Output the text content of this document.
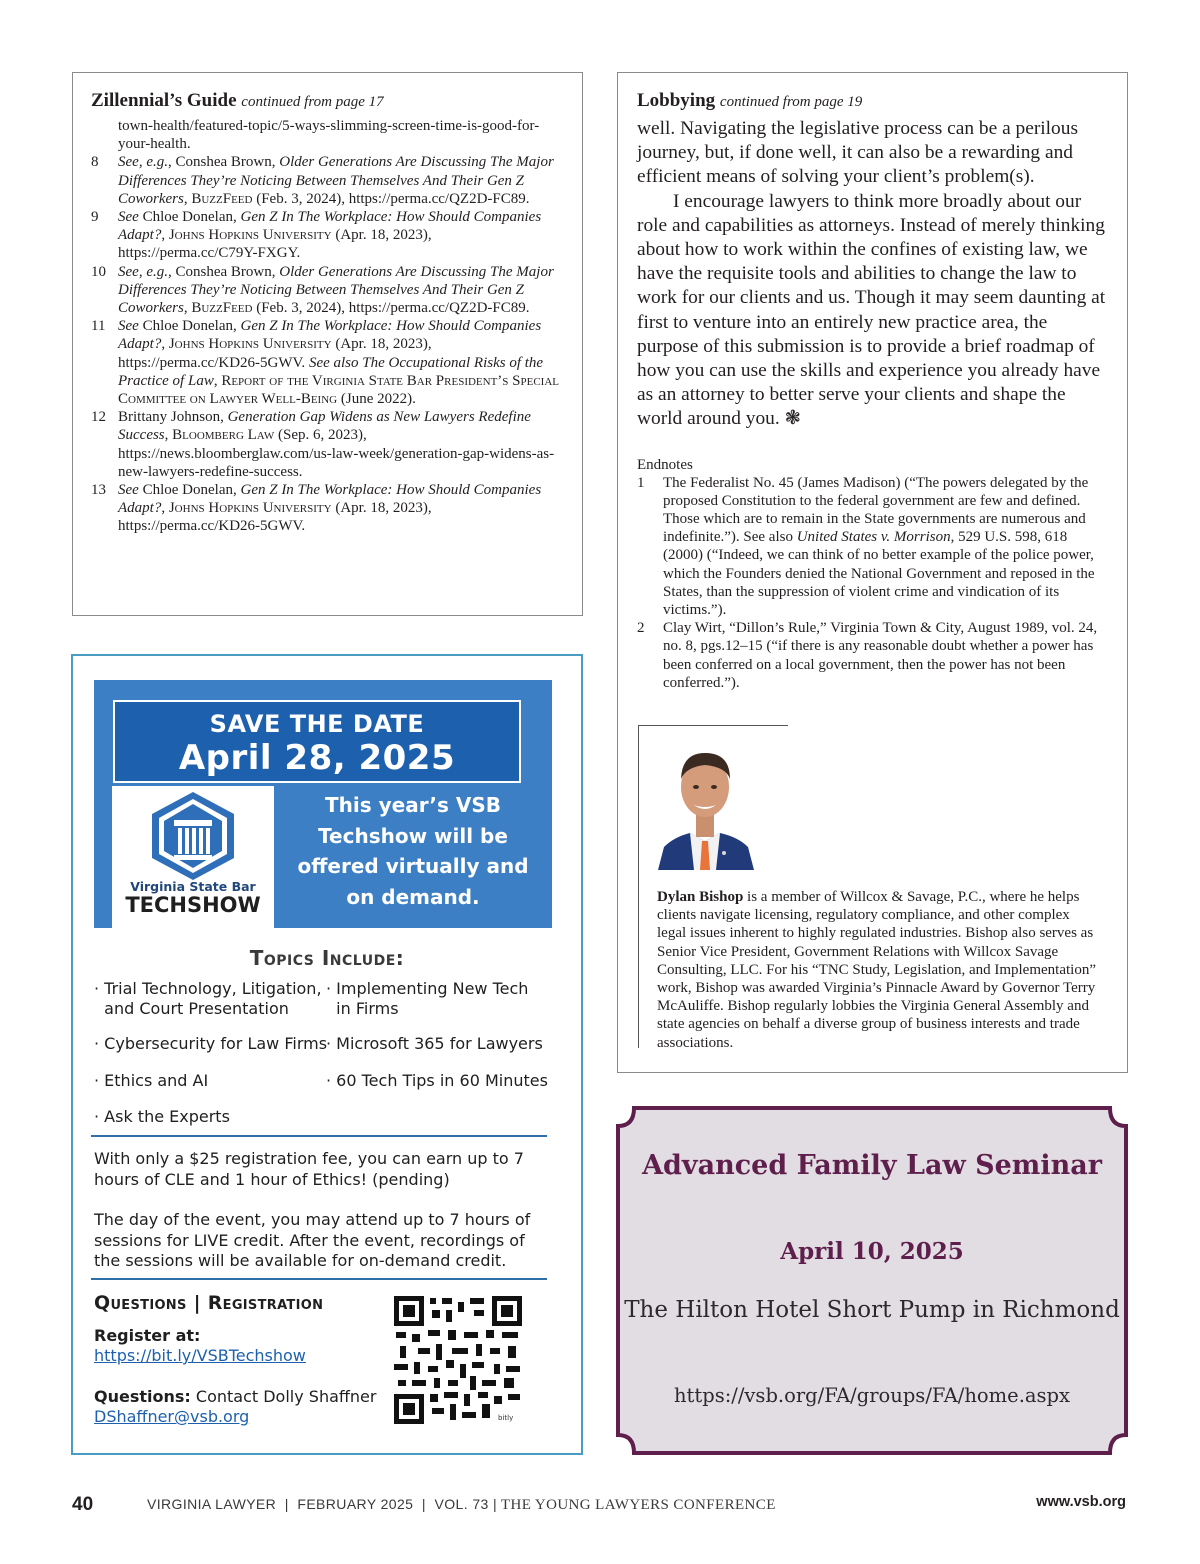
Zillennial’s Guide continued from page 17
town-health/featured-topic/5-ways-slimming-screen-time-is-good-for-your-health.
8	See, e.g., Conshea Brown, Older Generations Are Discussing The Major Differences They’re Noticing Between Themselves And Their Gen Z Coworkers, BuzzFeed (Feb. 3, 2024), https://perma.cc/QZ2D-FC89.
9	See Chloe Donelan, Gen Z In The Workplace: How Should Companies Adapt?, Johns Hopkins University (Apr. 18, 2023), https://perma.cc/C79Y-FXGY.
10 See, e.g., Conshea Brown, Older Generations Are Discussing The Major Differences They’re Noticing Between Themselves And Their Gen Z Coworkers, BuzzFeed (Feb. 3, 2024), https://perma.cc/QZ2D-FC89.
11 See Chloe Donelan, Gen Z In The Workplace: How Should Companies Adapt?, Johns Hopkins University (Apr. 18, 2023), https://perma.cc/KD26-5GWV. See also The Occupational Risks of the Practice of Law, Report of the Virginia State Bar President’s Special Committee on Lawyer Well-Being (June 2022).
12 Brittany Johnson, Generation Gap Widens as New Lawyers Redefine Success, Bloomberg Law (Sep. 6, 2023), https://news.bloomberglaw.com/us-law-week/generation-gap-widens-as-new-lawyers-redefine-success.
13 See Chloe Donelan, Gen Z In The Workplace: How Should Companies Adapt?, Johns Hopkins University (Apr. 18, 2023), https://perma.cc/KD26-5GWV.
Lobbying continued from page 19

well. Navigating the legislative process can be a perilous journey, but, if done well, it can also be a rewarding and efficient means of solving your client’s problem(s).

I encourage lawyers to think more broadly about our role and capabilities as attorneys. Instead of merely thinking about how to work within the confines of existing law, we have the requisite tools and abilities to change the law to work for our clients and us. Though it may seem daunting at first to venture into an entirely new practice area, the purpose of this submission is to provide a brief roadmap of how you can use the skills and experience you already have as an attorney to better serve your clients and shape the world around you. ❃

Endnotes
1	The Federalist No. 45 (James Madison) (“The powers delegated by the proposed Constitution to the federal government are few and defined. Those which are to remain in the State governments are numerous and indefinite.”). See also United States v. Morrison, 529 U.S. 598, 618 (2000) (“Indeed, we can think of no better example of the police power, which the Founders denied the National Government and reposed in the States, than the suppression of violent crime and vindication of its victims.”).
2	Clay Wirt, “Dillon’s Rule,” Virginia Town & City, August 1989, vol. 24, no. 8, pgs.12–15 (“if there is any reasonable doubt whether a power has been conferred on a local government, then the power has not been conferred.”).
Dylan Bishop is a member of Willcox & Savage, P.C., where he helps clients navigate licensing, regulatory compliance, and other complex legal issues inherent to highly regulated industries. Bishop also serves as Senior Vice President, Government Relations with Willcox Savage Consulting, LLC. For his “TNC Study, Legislation, and Implementation” work, Bishop was awarded Virginia’s Pinnacle Award by Governor Terry McAuliffe. Bishop regularly lobbies the Virginia General Assembly and state agencies on behalf a diverse group of business interests and trade associations.
SAVE THE DATE
April 28, 2025
Virginia State Bar
TECHSHOW
This year’s VSB Techshow will be offered virtually and on demand.
Topics Include:
· Trial Technology, Litigation,
and Court Presentation
· Implementing New Tech
in Firms
· Cybersecurity for Law Firms
· Microsoft 365 for Lawyers
· Ethics and AI	· 60 Tech Tips in 60 Minutes
· Ask the Experts
With only a $25 registration fee, you can earn up to 7 hours of CLE and 1 hour of Ethics! (pending)
The day of the event, you may attend up to 7 hours of sessions for LIVE credit. After the event, recordings of the sessions will be available for on-demand credit.
Questions | Registration
Register at:
https://bit.ly/VSBTechshow
Questions: Contact Dolly Shaffner
DShaffner@vsb.org	bitly
Advanced Family Law Seminar
April 10, 2025
The Hilton Hotel Short Pump in Richmond
https://vsb.org/FA/groups/FA/home.aspx
40	VIRGINIA LAWYER  |  FEBRUARY 2025  |  VOL. 73 | THE YOUNG LAWYERS CONFERENCE	www.vsb.org
